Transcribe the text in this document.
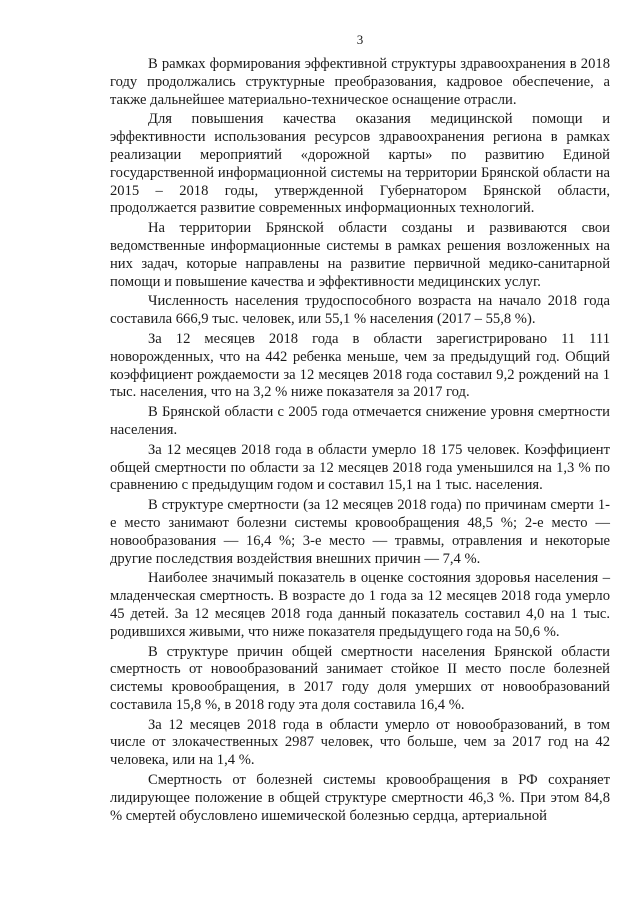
3

В рамках формирования эффективной структуры здравоохранения в 2018 году продолжались структурные преобразования, кадровое обеспечение, а также дальнейшее материально-техническое оснащение отрасли.

Для повышения качества оказания медицинской помощи и эффективности использования ресурсов здравоохранения региона в рамках реализации мероприятий «дорожной карты» по развитию Единой государственной информационной системы на территории Брянской области на 2015 – 2018 годы, утвержденной Губернатором Брянской области, продолжается развитие современных информационных технологий.

На территории Брянской области созданы и развиваются свои ведомственные информационные системы в рамках решения возложенных на них задач, которые направлены на развитие первичной медико-санитарной помощи и повышение качества и эффективности медицинских услуг.

Численность населения трудоспособного возраста на начало 2018 года составила 666,9 тыс. человек, или 55,1 % населения (2017 – 55,8 %).

За 12 месяцев 2018 года в области зарегистрировано 11 111 новорожденных, что на 442 ребенка меньше, чем за предыдущий год. Общий коэффициент рождаемости за 12 месяцев 2018 года составил 9,2 рождений на 1 тыс. населения, что на 3,2 % ниже показателя за 2017 год.

В Брянской области с 2005 года отмечается снижение уровня смертности населения.

За 12 месяцев 2018 года в области умерло 18 175 человек. Коэффициент общей смертности по области за 12 месяцев 2018 года уменьшился на 1,3 % по сравнению с предыдущим годом и составил 15,1 на 1 тыс. населения.

В структуре смертности (за 12 месяцев 2018 года) по причинам смерти 1-е место занимают болезни системы кровообращения 48,5 %; 2-е место — новообразования — 16,4 %; 3-е место — травмы, отравления и некоторые другие последствия воздействия внешних причин — 7,4 %.

Наиболее значимый показатель в оценке состояния здоровья населения – младенческая смертность. В возрасте до 1 года за 12 месяцев 2018 года умерло 45 детей. За 12 месяцев 2018 года данный показатель составил 4,0 на 1 тыс. родившихся живыми, что ниже показателя предыдущего года на 50,6 %.

В структуре причин общей смертности населения Брянской области смертность от новообразований занимает стойкое II место после болезней системы кровообращения, в 2017 году доля умерших от новообразований составила 15,8 %, в 2018 году эта доля составила 16,4 %.

За 12 месяцев 2018 года в области умерло от новообразований, в том числе от злокачественных 2987 человек, что больше, чем за 2017 год на 42 человека, или на 1,4 %.

Смертность от болезней системы кровообращения в РФ сохраняет лидирующее положение в общей структуре смертности 46,3 %. При этом 84,8 % смертей обусловлено ишемической болезнью сердца, артериальной
